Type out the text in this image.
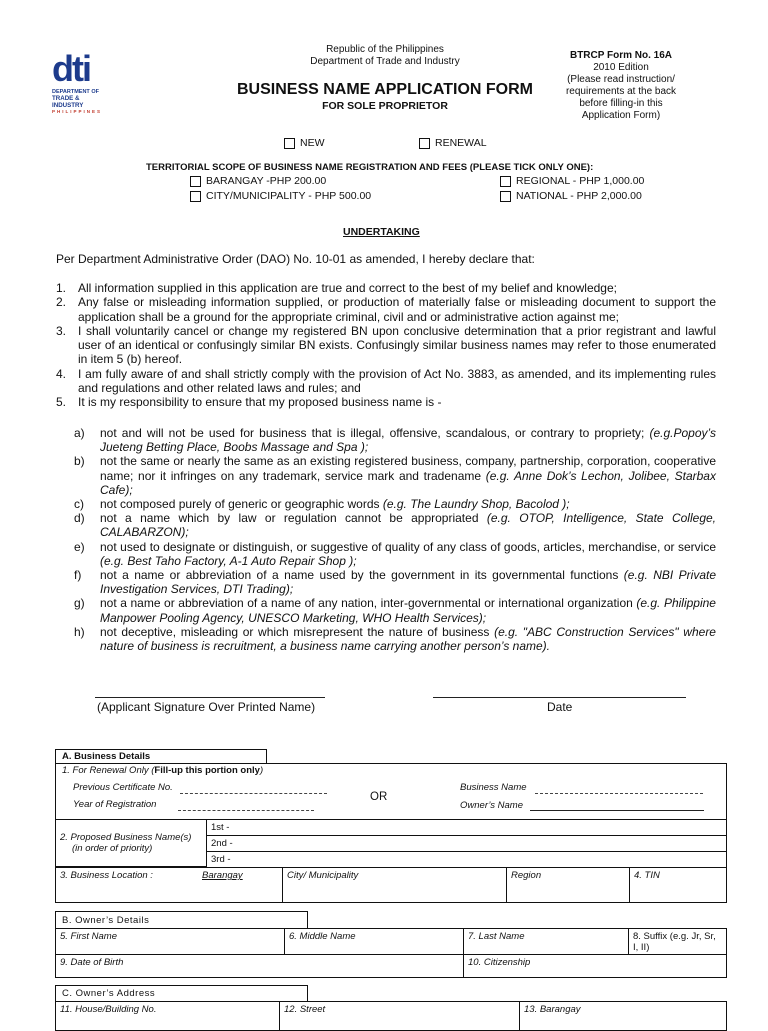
dti
DEPARTMENT OF
TRADE & INDUSTRY
PHILIPPINES
Republic of the Philippines
Department of Trade and Industry
BUSINESS NAME APPLICATION FORM
FOR SOLE PROPRIETOR
BTRCP Form No. 16A
2010 Edition
(Please read instruction/
requirements at the back
before filling-in this
Application Form)
NEW	RENEWAL
TERRITORIAL SCOPE OF BUSINESS NAME REGISTRATION AND FEES (PLEASE TICK ONLY ONE):
BARANGAY -PHP 200.00
CITY/MUNICIPALITY - PHP 500.00
REGIONAL - PHP 1,000.00
NATIONAL - PHP 2,000.00
UNDERTAKING
Per Department Administrative Order (DAO) No. 10-01 as amended, I hereby declare that:
1. All information supplied in this application are true and correct to the best of my belief and knowledge;
2. Any false or misleading information supplied, or production of materially false or misleading document to support the application shall be a ground for the appropriate criminal, civil and or administrative action against me;
3. I shall voluntarily cancel or change my registered BN upon conclusive determination that a prior registrant and lawful user of an identical or confusingly similar BN exists. Confusingly similar business names may refer to those enumerated in item 5 (b) hereof.
4. I am fully aware of and shall strictly comply with the provision of Act No. 3883, as amended, and its implementing rules and regulations and other related laws and rules; and
5. It is my responsibility to ensure that my proposed business name is -
a) not and will not be used for business that is illegal, offensive, scandalous, or contrary to propriety; (e.g.Popoy’s Jueteng Betting Place, Boobs Massage and Spa );
b) not the same or nearly the same as an existing registered business, company, partnership, corporation, cooperative name; nor it infringes on any trademark, service mark and tradename (e.g. Anne Dok’s Lechon, Jolibee, Starbax Cafe);
c) not composed purely of generic or geographic words (e.g. The Laundry Shop, Bacolod );
d) not a name which by law or regulation cannot be appropriated (e.g. OTOP, Intelligence, State College, CALABARZON);
e) not used to designate or distinguish, or suggestive of quality of any class of goods, articles, merchandise, or service (e.g. Best Taho Factory, A-1 Auto Repair Shop );
f) not a name or abbreviation of a name used by the government in its governmental functions (e.g. NBI Private Investigation Services, DTI Trading);
g) not a name or abbreviation of a name of any nation, inter-governmental or international organization (e.g. Philippine Manpower Pooling Agency, UNESCO Marketing, WHO Health Services);
h) not deceptive, misleading or which misrepresent the nature of business (e.g. "ABC Construction Services" where nature of business is recruitment, a business name carrying another person’s name).
(Applicant Signature Over Printed Name)	Date
A. Business Details
1. For Renewal Only (Fill-up this portion only)
Previous Certificate No.
Year of Registration
OR
Business Name
Owner’s Name
2. Proposed Business Name(s)
(in order of priority)
1st -
2nd -
3rd -
3. Business Location :	Barangay	City/ Municipality	Region	4. TIN
B. Owner’s Details
5. First Name	6. Middle Name	7. Last Name	8. Suffix (e.g. Jr, Sr, I, II)
9. Date of Birth	10. Citizenship
C. Owner’s Address
11. House/Building No.	12. Street	13. Barangay
